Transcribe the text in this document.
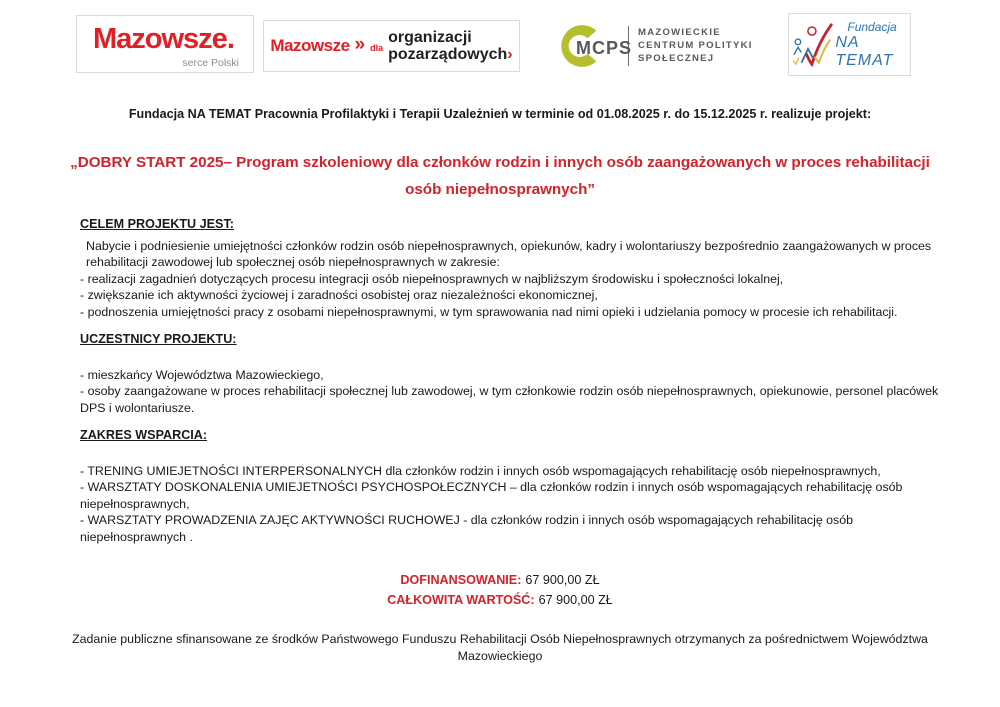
Mazowsze.
serce Polski
Mazowsze » dla
organizacji
pozarządowych›	MCPS
MAZOWIECKIE
CENTRUM POLITYKI
SPOŁECZNEJ
Fundacja
NA TEMAT
Fundacja NA TEMAT Pracownia Profilaktyki i Terapii Uzależnień w terminie od 01.08.2025 r. do 15.12.2025 r. realizuje projekt:
„DOBRY START 2025– Program szkoleniowy dla członków rodzin i innych osób zaangażowanych w proces rehabilitacji osób niepełnosprawnych”
CELEM PROJEKTU JEST:
Nabycie i podniesienie umiejętności członków rodzin osób niepełnosprawnych, opiekunów, kadry i wolontariuszy bezpośrednio zaangażowanych w proces rehabilitacji zawodowej lub społecznej osób niepełnosprawnych w zakresie:
- realizacji zagadnień dotyczących procesu integracji osób niepełnosprawnych w najbliższym środowisku i społeczności lokalnej,
- zwiększanie ich aktywności życiowej i zaradności osobistej oraz niezależności ekonomicznej,
- podnoszenia umiejętności pracy z osobami niepełnosprawnymi, w tym sprawowania nad nimi opieki i udzielania pomocy w procesie ich rehabilitacji.
UCZESTNICY PROJEKTU:
- mieszkańcy Województwa Mazowieckiego,
- osoby zaangażowane w proces rehabilitacji społecznej lub zawodowej, w tym członkowie rodzin osób niepełnosprawnych, opiekunowie, personel placówek DPS i wolontariusze.
ZAKRES WSPARCIA:
- TRENING UMIEJETNOŚCI INTERPERSONALNYCH dla członków rodzin i innych osób wspomagających rehabilitację osób niepełnosprawnych,
- WARSZTATY DOSKONALENIA UMIEJETNOŚCI PSYCHOSPOŁECZNYCH – dla członków rodzin i innych osób wspomagających rehabilitację osób niepełnosprawnych,
- WARSZTATY PROWADZENIA ZAJĘC AKTYWNOŚCI RUCHOWEJ - dla członków rodzin i innych osób wspomagających rehabilitację osób niepełnosprawnych .
DOFINANSOWANIE: 67 900,00 ZŁ
CAŁKOWITA WARTOŚĆ: 67 900,00 ZŁ
Zadanie publiczne sfinansowane ze środków Państwowego Funduszu Rehabilitacji Osób Niepełnosprawnych otrzymanych za pośrednictwem Województwa Mazowieckiego
